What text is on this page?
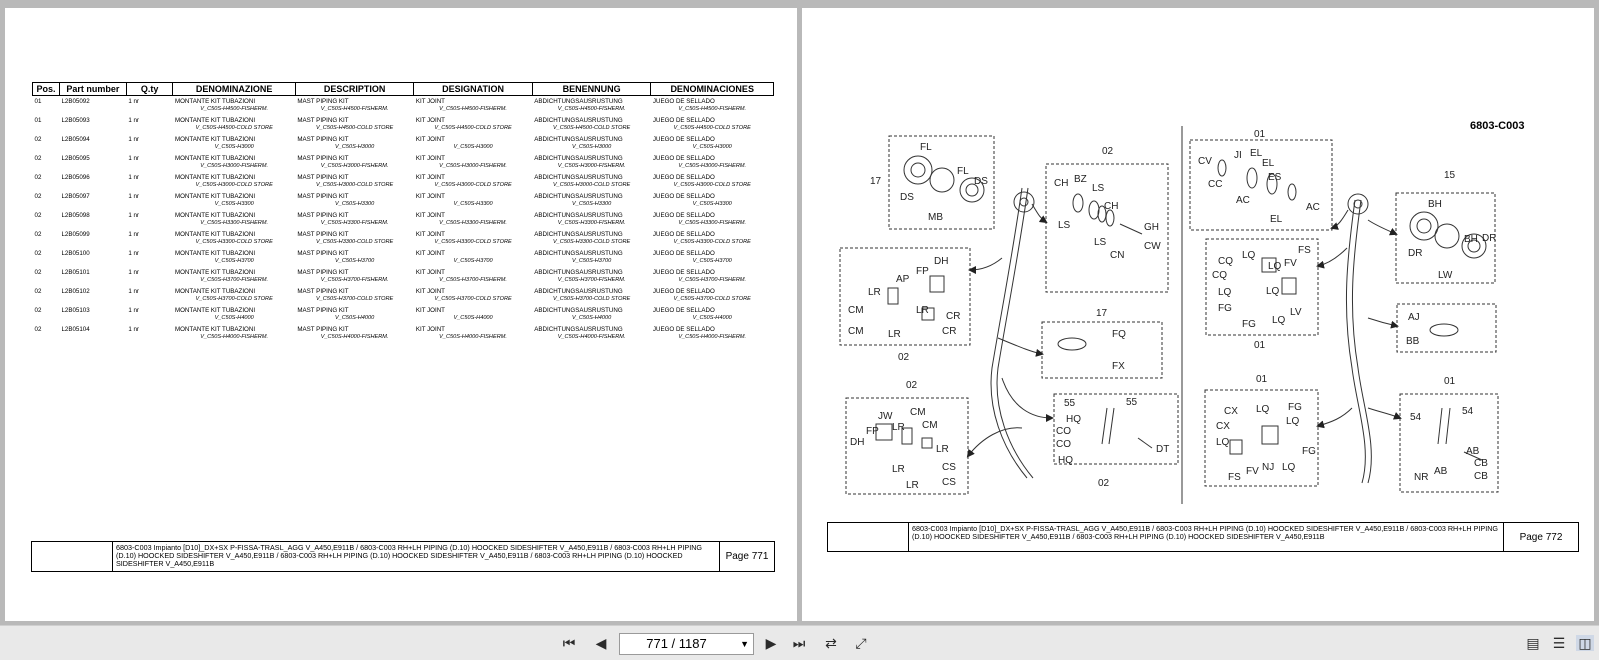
Pos.	Part number	Q.ty	DENOMINAZIONE	DESCRIPTION	DESIGNATION	BENENNUNG	DENOMINACIONES
01	L2B05092	1 nr	MONTANTE KIT TUBAZIONI	MAST PIPING KIT	KIT JOINT	ABDICHTUNGSAUSRUSTUNG	JUEGO DE SELLADO
			V_C50S-H4500-FISHERM.	V_C50S-H4500-FISHERM.	V_C50S-H4500-FISHERM.	V_C50S-H4500-FISHERM.	V_C50S-H4500-FISHERM.
01	L2B05093	1 nr	MONTANTE KIT TUBAZIONI	MAST PIPING KIT	KIT JOINT	ABDICHTUNGSAUSRUSTUNG	JUEGO DE SELLADO
			V_C50S-H4500-COLD STORE	V_C50S-H4500-COLD STORE	V_C50S-H4500-COLD STORE	V_C50S-H4500-COLD STORE	V_C50S-H4500-COLD STORE
02	L2B05094	1 nr	MONTANTE KIT TUBAZIONI	MAST PIPING KIT	KIT JOINT	ABDICHTUNGSAUSRUSTUNG	JUEGO DE SELLADO
			V_C50S-H3000	V_C50S-H3000	V_C50S-H3000	V_C50S-H3000	V_C50S-H3000
02	L2B05095	1 nr	MONTANTE KIT TUBAZIONI	MAST PIPING KIT	KIT JOINT	ABDICHTUNGSAUSRUSTUNG	JUEGO DE SELLADO
			V_C50S-H3000-FISHERM.	V_C50S-H3000-FISHERM.	V_C50S-H3000-FISHERM.	V_C50S-H3000-FISHERM.	V_C50S-H3000-FISHERM.
02	L2B05096	1 nr	MONTANTE KIT TUBAZIONI	MAST PIPING KIT	KIT JOINT	ABDICHTUNGSAUSRUSTUNG	JUEGO DE SELLADO
			V_C50S-H3000-COLD STORE	V_C50S-H3000-COLD STORE	V_C50S-H3000-COLD STORE	V_C50S-H3000-COLD STORE	V_C50S-H3000-COLD STORE
02	L2B05097	1 nr	MONTANTE KIT TUBAZIONI	MAST PIPING KIT	KIT JOINT	ABDICHTUNGSAUSRUSTUNG	JUEGO DE SELLADO
			V_C50S-H3300	V_C50S-H3300	V_C50S-H3300	V_C50S-H3300	V_C50S-H3300
02	L2B05098	1 nr	MONTANTE KIT TUBAZIONI	MAST PIPING KIT	KIT JOINT	ABDICHTUNGSAUSRUSTUNG	JUEGO DE SELLADO
			V_C50S-H3300-FISHERM.	V_C50S-H3300-FISHERM.	V_C50S-H3300-FISHERM.	V_C50S-H3300-FISHERM.	V_C50S-H3300-FISHERM.
02	L2B05099	1 nr	MONTANTE KIT TUBAZIONI	MAST PIPING KIT	KIT JOINT	ABDICHTUNGSAUSRUSTUNG	JUEGO DE SELLADO
			V_C50S-H3300-COLD STORE	V_C50S-H3300-COLD STORE	V_C50S-H3300-COLD STORE	V_C50S-H3300-COLD STORE	V_C50S-H3300-COLD STORE
02	L2B05100	1 nr	MONTANTE KIT TUBAZIONI	MAST PIPING KIT	KIT JOINT	ABDICHTUNGSAUSRUSTUNG	JUEGO DE SELLADO
			V_C50S-H3700	V_C50S-H3700	V_C50S-H3700	V_C50S-H3700	V_C50S-H3700
02	L2B05101	1 nr	MONTANTE KIT TUBAZIONI	MAST PIPING KIT	KIT JOINT	ABDICHTUNGSAUSRUSTUNG	JUEGO DE SELLADO
			V_C50S-H3700-FISHERM.	V_C50S-H3700-FISHERM.	V_C50S-H3700-FISHERM.	V_C50S-H3700-FISHERM.	V_C50S-H3700-FISHERM.
02	L2B05102	1 nr	MONTANTE KIT TUBAZIONI	MAST PIPING KIT	KIT JOINT	ABDICHTUNGSAUSRUSTUNG	JUEGO DE SELLADO
			V_C50S-H3700-COLD STORE	V_C50S-H3700-COLD STORE	V_C50S-H3700-COLD STORE	V_C50S-H3700-COLD STORE	V_C50S-H3700-COLD STORE
02	L2B05103	1 nr	MONTANTE KIT TUBAZIONI	MAST PIPING KIT	KIT JOINT	ABDICHTUNGSAUSRUSTUNG	JUEGO DE SELLADO
			V_C50S-H4000	V_C50S-H4000	V_C50S-H4000	V_C50S-H4000	V_C50S-H4000
02	L2B05104	1 nr	MONTANTE KIT TUBAZIONI	MAST PIPING KIT	KIT JOINT	ABDICHTUNGSAUSRUSTUNG	JUEGO DE SELLADO
			V_C50S-H4000-FISHERM.	V_C50S-H4000-FISHERM.	V_C50S-H4000-FISHERM.	V_C50S-H4000-FISHERM.	V_C50S-H4000-FISHERM.
6803-C003 Impianto [D10]_DX+SX P-FISSA-TRASL_AGG V_A450,E911B / 6803-C003 RH+LH PIPING (D.10) HOOCKED SIDESHIFTER V_A450,E911B / 6803-C003 RH+LH PIPING (D.10) HOOCKED SIDESHIFTER V_A450,E911B / 6803-C003 RH+LH PIPING (D.10) HOOCKED SIDESHIFTER V_A450,E911B / 6803-C003 RH+LH PIPING (D.10) HOOCKED SIDESHIFTER V_A450,E911B
Page 771
6803-C003
17
FL
FL
DS
DS
MB
02
CH BZ
LS
CH
LS
LS
CN
GH
CW
DH
FP
AP
LR
CM
CM LR
LR
CR
CR
02
17
FQ
FX
02
JW CM
LR CM
FP
DH
LR
LR	CS
CS
LR
55	55
HQ
CO
CO
HQ
DT
02
01
CV
JI EL
EL
CC
AC
ES
AC
EL
15
BH
BH DR
DR
LW
CQ
CQ
LQ
LQ FV
FS
LQ
FG
FG
LQ
LQ
LV
01
AJ
BB
01
CX
CX
LQ FG
LQ
LQ
FG
FS
FV NJ LQ
01
54
54
AB
AB
CB
CB
NR
6803-C003 Impianto [D10]_DX+SX P-FISSA-TRASL_AGG V_A450,E911B / 6803-C003 RH+LH PIPING (D.10) HOOCKED SIDESHIFTER V_A450,E911B / 6803-C003 RH+LH PIPING (D.10) HOOCKED SIDESHIFTER V_A450,E911B / 6803-C003 RH+LH PIPING (D.10) HOOCKED SIDESHIFTER V_A450,E911B	Page 772
⏮ ◀	771 / 1187	▼ ▶ ⏭ ⇄ ⤢	▤ ☰ ◫
